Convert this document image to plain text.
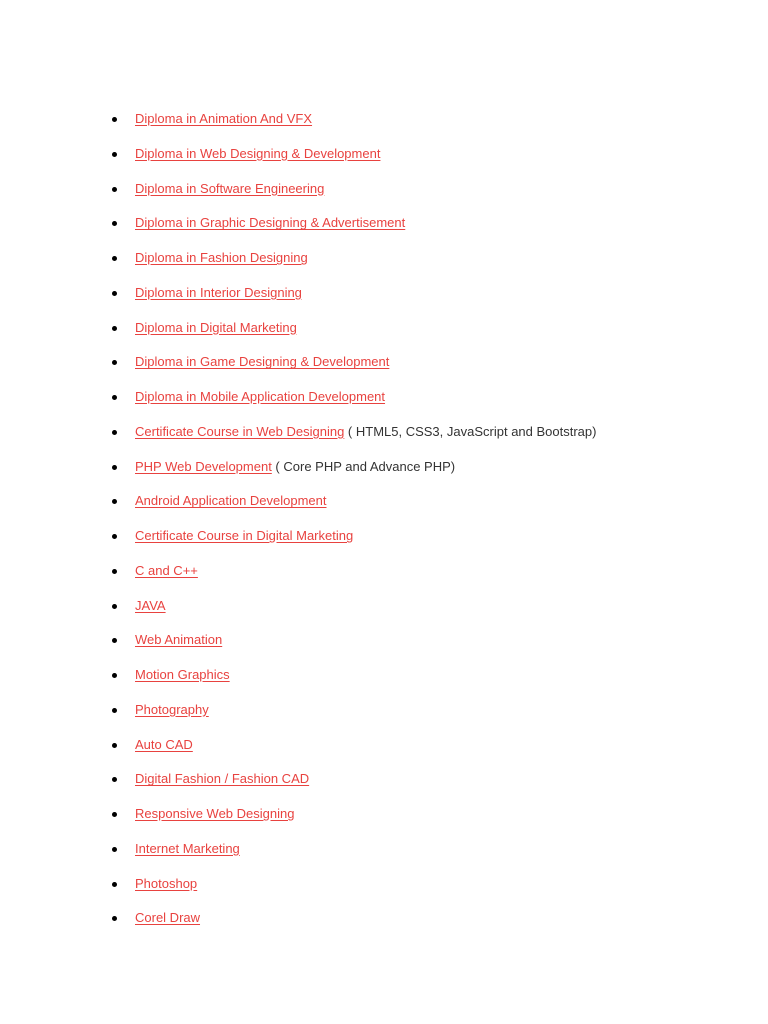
Diploma in Animation And VFX
Diploma in Web Designing & Development
Diploma in Software Engineering
Diploma in Graphic Designing & Advertisement
Diploma in Fashion Designing
Diploma in Interior Designing
Diploma in Digital Marketing
Diploma in Game Designing & Development
Diploma in Mobile Application Development
Certificate Course in Web Designing ( HTML5, CSS3, JavaScript and Bootstrap)
PHP Web Development ( Core PHP and Advance PHP)
Android Application Development
Certificate Course in Digital Marketing
C and C++
JAVA
Web Animation
Motion Graphics
Photography
Auto CAD
Digital Fashion / Fashion CAD
Responsive Web Designing
Internet Marketing
Photoshop
Corel Draw
